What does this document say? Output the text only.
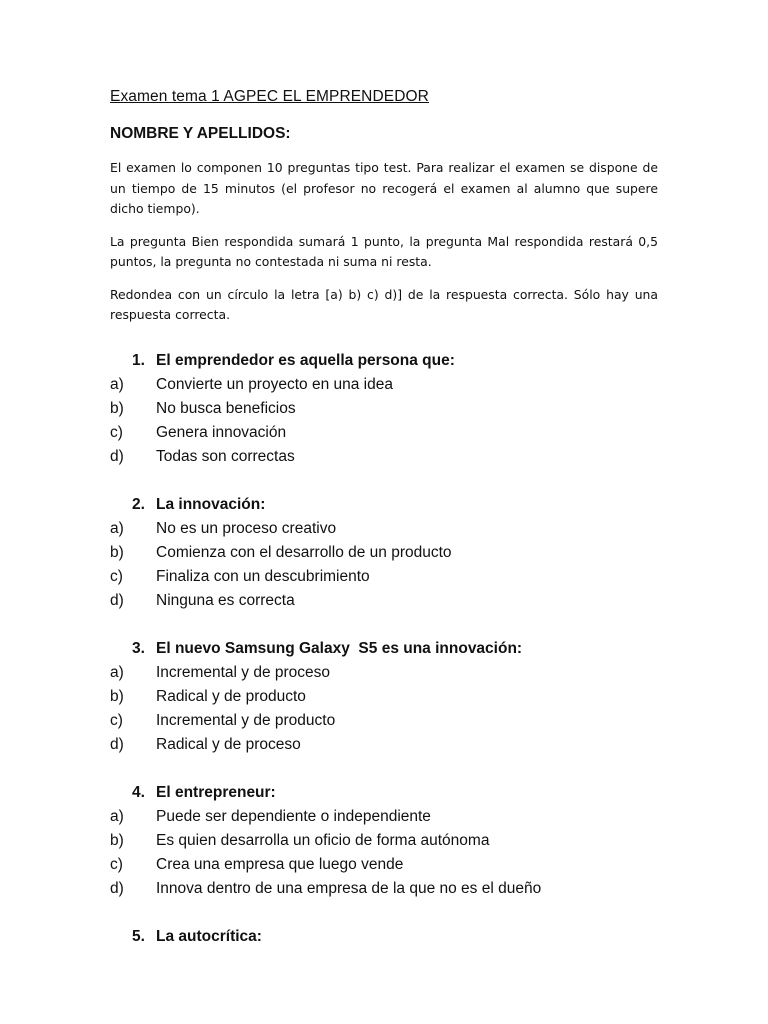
Examen tema 1 AGPEC EL EMPRENDEDOR

NOMBRE Y APELLIDOS:

El examen lo componen 10 preguntas tipo test. Para realizar el examen se dispone de un tiempo de 15 minutos (el profesor no recogerá el examen al alumno que supere dicho tiempo).

La pregunta Bien respondida sumará 1 punto, la pregunta Mal respondida restará 0,5 puntos, la pregunta no contestada ni suma ni resta.

Redondea con un círculo la letra [a) b) c) d)] de la respuesta correcta. Sólo hay una respuesta correcta.

1. El emprendedor es aquella persona que:
a) Convierte un proyecto en una idea
b) No busca beneficios
c) Genera innovación
d) Todas son correctas
2. La innovación:
a) No es un proceso creativo
b) Comienza con el desarrollo de un producto
c) Finaliza con un descubrimiento
d) Ninguna es correcta
3. El nuevo Samsung Galaxy  S5 es una innovación:
a) Incremental y de proceso
b) Radical y de producto
c) Incremental y de producto
d) Radical y de proceso
4. El entrepreneur:
a) Puede ser dependiente o independiente
b) Es quien desarrolla un oficio de forma autónoma
c) Crea una empresa que luego vende
d) Innova dentro de una empresa de la que no es el dueño
5. La autocrítica:
